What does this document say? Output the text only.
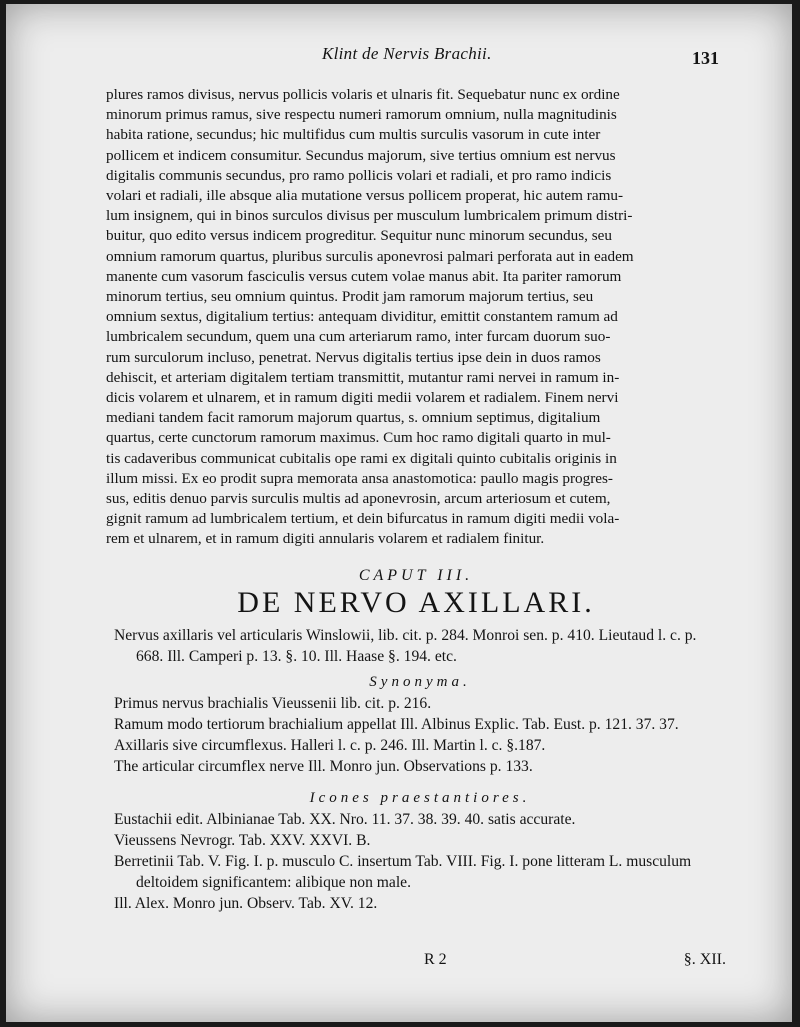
Klint de Nervis Brachii.	131

plures ramos divisus, nervus pollicis volaris et ulnaris fit. Sequebatur nunc ex ordine

minorum primus ramus, sive respectu numeri ramorum omnium, nulla magnitudinis

habita ratione, secundus; hic multifidus cum multis surculis vasorum in cute inter

pollicem et indicem consumitur. Secundus majorum, sive tertius omnium est nervus

digitalis communis secundus, pro ramo pollicis volari et radiali, et pro ramo indicis

volari et radiali, ille absque alia mutatione versus pollicem properat, hic autem ramu-

lum insignem, qui in binos surculos divisus per musculum lumbricalem primum distri-

buitur, quo edito versus indicem progreditur. Sequitur nunc minorum secundus, seu

omnium ramorum quartus, pluribus surculis aponevrosi palmari perforata aut in eadem

manente cum vasorum fasciculis versus cutem volae manus abit. Ita pariter ramorum

minorum tertius, seu omnium quintus. Prodit jam ramorum majorum tertius, seu

omnium sextus, digitalium tertius: antequam dividitur, emittit constantem ramum ad

lumbricalem secundum, quem una cum arteriarum ramo, inter furcam duorum suo-

rum surculorum incluso, penetrat. Nervus digitalis tertius ipse dein in duos ramos

dehiscit, et arteriam digitalem tertiam transmittit, mutantur rami nervei in ramum in-

dicis volarem et ulnarem, et in ramum digiti medii volarem et radialem. Finem nervi

mediani tandem facit ramorum majorum quartus, s. omnium septimus, digitalium

quartus, certe cunctorum ramorum maximus. Cum hoc ramo digitali quarto in mul-

tis cadaveribus communicat cubitalis ope rami ex digitali quinto cubitalis originis in

illum missi. Ex eo prodit supra memorata ansa anastomotica: paullo magis progres-

sus, editis denuo parvis surculis multis ad aponevrosin, arcum arteriosum et cutem,

gignit ramum ad lumbricalem tertium, et dein bifurcatus in ramum digiti medii vola-

rem et ulnarem, et in ramum digiti annularis volarem et radialem finitur.

CAPUT III.
DE NERVO AXILLARI.

Nervus axillaris vel articularis Winslowii, lib. cit. p. 284. Monroi sen. p. 410. Lieutaud l. c. p. 668. Ill. Camperi p. 13. §. 10. Ill. Haase §. 194. etc.

Synonyma.

Primus nervus brachialis Vieussenii lib. cit. p. 216.

Ramum modo tertiorum brachialium appellat Ill. Albinus Explic. Tab. Eust. p. 121. 37. 37.

Axillaris sive circumflexus. Halleri l. c. p. 246. Ill. Martin l. c. §.187.

The articular circumflex nerve Ill. Monro jun. Observations p. 133.

Icones praestantiores.

Eustachii edit. Albinianae Tab. XX. Nro. 11. 37. 38. 39. 40. satis accurate.

Vieussens Nevrogr. Tab. XXV. XXVI. B.

Berretinii Tab. V. Fig. I. p. musculo C. insertum Tab. VIII. Fig. I. pone litteram L. musculum deltoidem significantem: alibique non male.

Ill. Alex. Monro jun. Observ. Tab. XV. 12.

R 2	§. XII.
